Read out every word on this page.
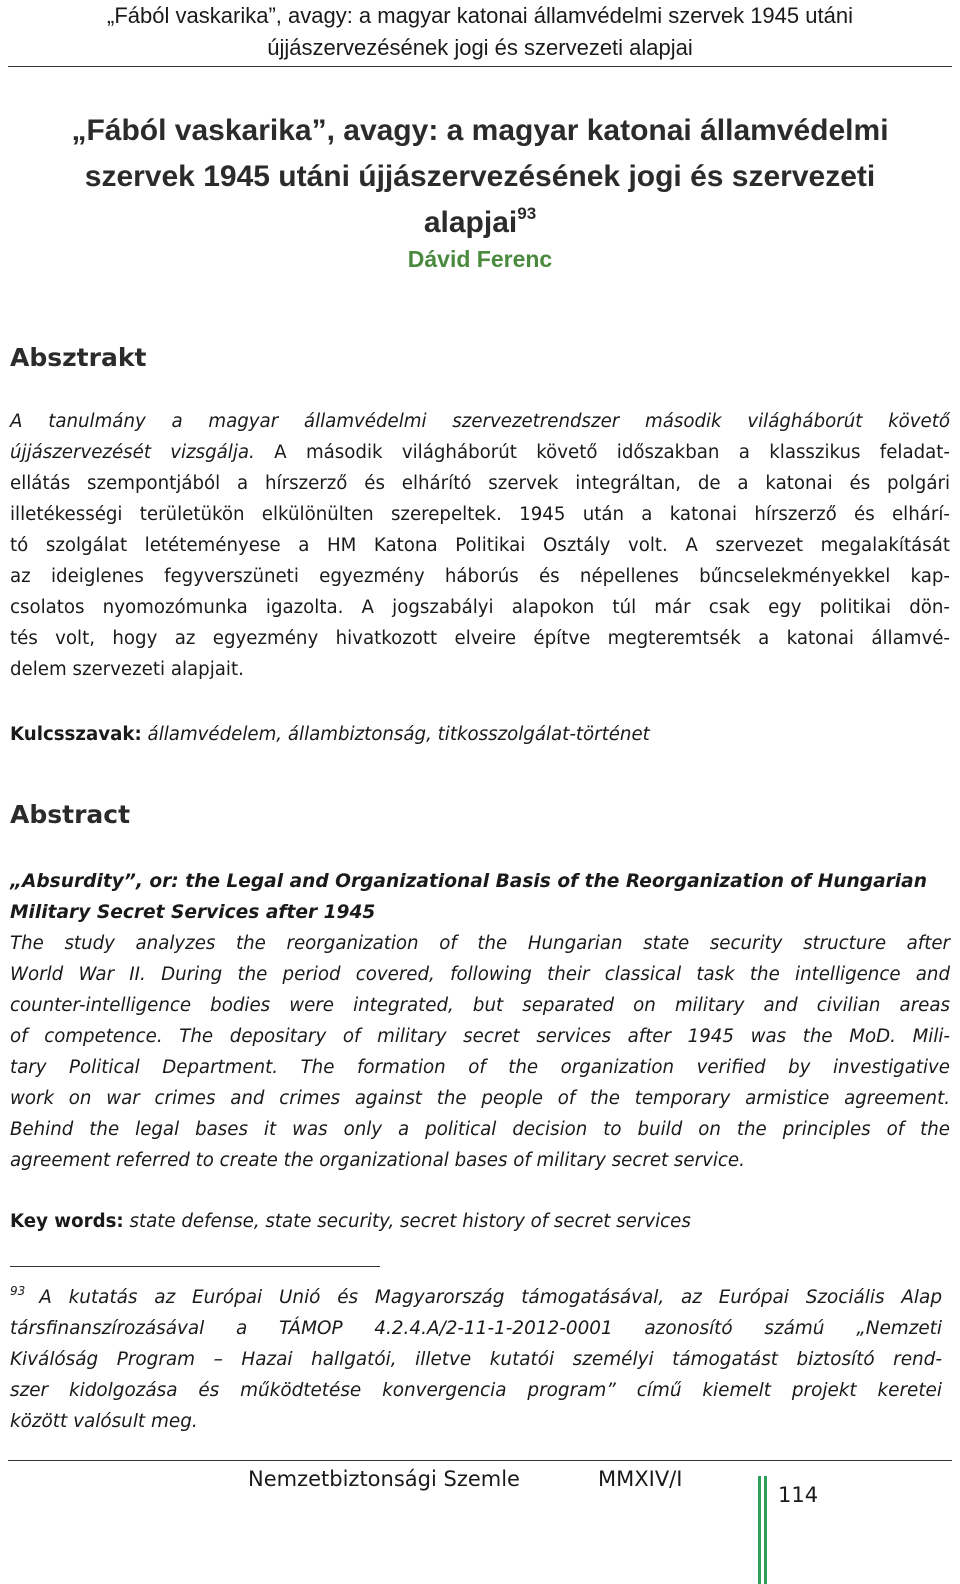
„Fából vaskarika”, avagy: a magyar katonai államvédelmi szervek 1945 utáni
újjászervezésének jogi és szervezeti alapjai
„Fából vaskarika”, avagy: a magyar katonai államvédelmi
szervek 1945 utáni újjászervezésének jogi és szervezeti
alapjai$^{93}$
Dávid Ferenc
Absztrakt
A tanulmány a magyar államvédelmi szervezetrendszer második világháborút követő
újjászervezését vizsgálja. A második világháborút követő időszakban a klasszikus feladat-
ellátás szempontjából a hírszerző és elhárító szervek integráltan, de a katonai és polgári
illetékességi területükön elkülönülten szerepeltek. 1945 után a katonai hírszerző és elhárí-
tó szolgálat letéteményese a HM Katona Politikai Osztály volt. A szervezet megalakítását
az ideiglenes fegyverszüneti egyezmény háborús és népellenes bűncselekményekkel kap-
csolatos nyomozómunka igazolta. A jogszabályi alapokon túl már csak egy politikai dön-
tés volt, hogy az egyezmény hivatkozott elveire építve megteremtsék a katonai államvé-
delem szervezeti alapjait.
Kulcsszavak: államvédelem, állambiztonság, titkosszolgálat-történet
Abstract
„Absurdity”, or: the Legal and Organizational Basis of the Reorganization of Hungarian
Military Secret Services after 1945
The study analyzes the reorganization of the Hungarian state security structure after
World War II. During the period covered, following their classical task the intelligence and
counter-intelligence bodies were integrated, but separated on military and civilian areas
of competence. The depositary of military secret services after 1945 was the MoD. Mili-
tary Political Department. The formation of the organization verified by investigative
work on war crimes and crimes against the people of the temporary armistice agreement.
Behind the legal bases it was only a political decision to build on the principles of the
agreement referred to create the organizational bases of military secret service.
Key words: state defense, state security, secret history of secret services
$^{93}$ A kutatás az Európai Unió és Magyarország támogatásával, az Európai Szociális Alap
társfinanszírozásával a TÁMOP 4.2.4.A/2-11-1-2012-0001 azonosító számú „Nemzeti
Kiválóság Program – Hazai hallgatói, illetve kutatói személyi támogatást biztosító rend-
szer kidolgozása és működtetése konvergencia program” című kiemelt projekt keretei
között valósult meg.
Nemzetbiztonsági Szemle	MMXIV/I
114
